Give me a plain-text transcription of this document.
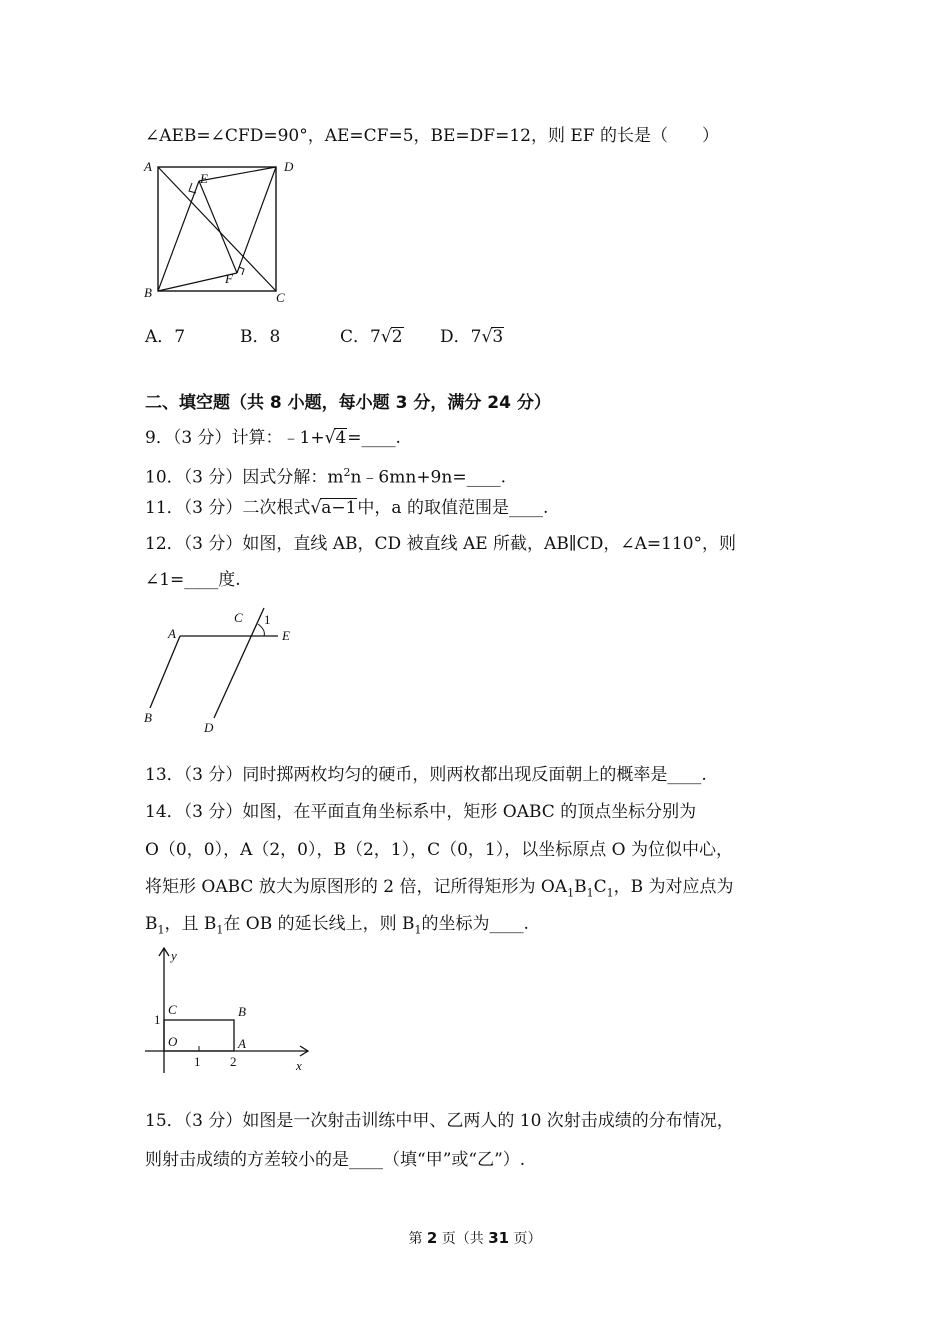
∠AEB=∠CFD=90°，AE=CF=5，BE=DF=12，则 EF 的长是（　　）
A	D
E
B
F
C
A．7	B．8	C．7√2 D．7√3
二、填空题（共 8 小题，每小题 3 分，满分 24 分）
9．（3 分）计算：﹣1+√4=____.
10．（3 分）因式分解：$m^2n﹣6mn+9n=\_\_\_\_$.
11．（3 分）二次根式√a−1中，a 的取值范围是____.
12．（3 分）如图，直线 AB，CD 被直线 AE 所截，AB∥CD，∠A=110°，则
∠1=____度.
A
C 1
E
B
D
13．（3 分）同时掷两枚均匀的硬币，则两枚都出现反面朝上的概率是____.
14．（3 分）如图，在平面直角坐标系中，矩形 OABC 的顶点坐标分别为
O（0，0），A（2，0），B（2，1），C（0，1），以坐标原点 O 为位似中心，
将矩形 OABC 放大为原图形的 2 倍，记所得矩形为 $OA_1B_1C_1$，B 为对应点为
$B_1$，且 $B_1$在 OB 的延长线上，则 $B_1$的坐标为____.
y
C	B
1
O	A
1 2	x
15．（3 分）如图是一次射击训练中甲、乙两人的 10 次射击成绩的分布情况，
则射击成绩的方差较小的是____（填“甲”或“乙”）.
第 2 页（共 31 页）
